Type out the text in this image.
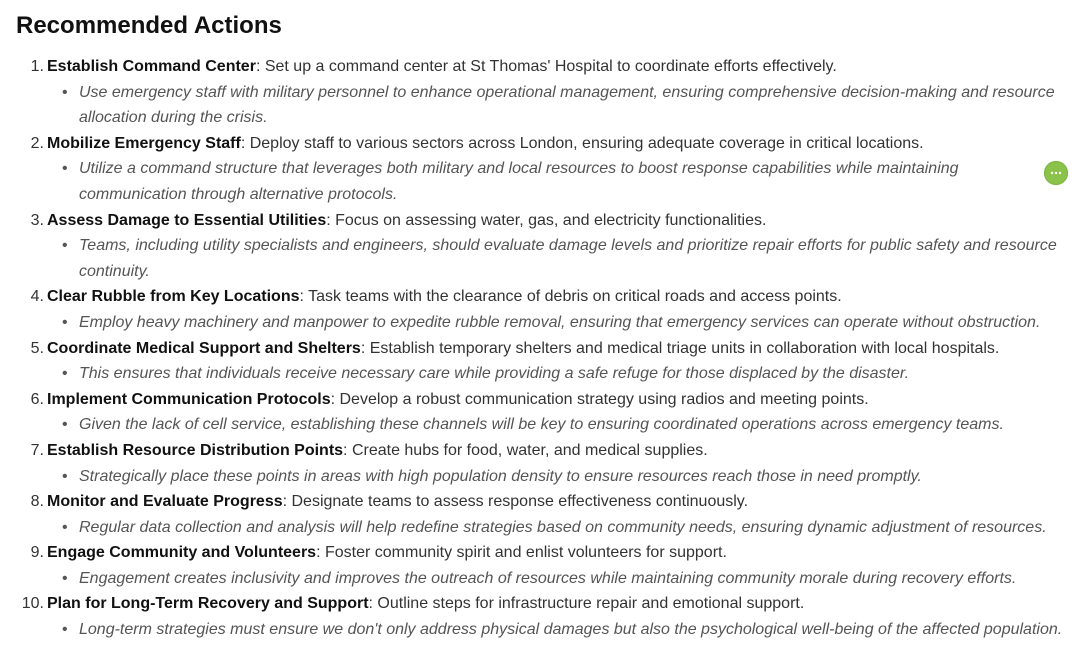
Recommended Actions
1. Establish Command Center: Set up a command center at St Thomas' Hospital to coordinate efforts effectively.
• Use emergency staff with military personnel to enhance operational management, ensuring comprehensive decision-making and resource allocation during the crisis.
2. Mobilize Emergency Staff: Deploy staff to various sectors across London, ensuring adequate coverage in critical locations.
• Utilize a command structure that leverages both military and local resources to boost response capabilities while maintaining communication through alternative protocols.
3. Assess Damage to Essential Utilities: Focus on assessing water, gas, and electricity functionalities.
• Teams, including utility specialists and engineers, should evaluate damage levels and prioritize repair efforts for public safety and resource continuity.
4. Clear Rubble from Key Locations: Task teams with the clearance of debris on critical roads and access points.
• Employ heavy machinery and manpower to expedite rubble removal, ensuring that emergency services can operate without obstruction.
5. Coordinate Medical Support and Shelters: Establish temporary shelters and medical triage units in collaboration with local hospitals.
• This ensures that individuals receive necessary care while providing a safe refuge for those displaced by the disaster.
6. Implement Communication Protocols: Develop a robust communication strategy using radios and meeting points.
• Given the lack of cell service, establishing these channels will be key to ensuring coordinated operations across emergency teams.
7. Establish Resource Distribution Points: Create hubs for food, water, and medical supplies.
• Strategically place these points in areas with high population density to ensure resources reach those in need promptly.
8. Monitor and Evaluate Progress: Designate teams to assess response effectiveness continuously.
• Regular data collection and analysis will help redefine strategies based on community needs, ensuring dynamic adjustment of resources.
9. Engage Community and Volunteers: Foster community spirit and enlist volunteers for support.
• Engagement creates inclusivity and improves the outreach of resources while maintaining community morale during recovery efforts.
10. Plan for Long-Term Recovery and Support: Outline steps for infrastructure repair and emotional support.
• Long-term strategies must ensure we don't only address physical damages but also the psychological well-being of the affected population.
